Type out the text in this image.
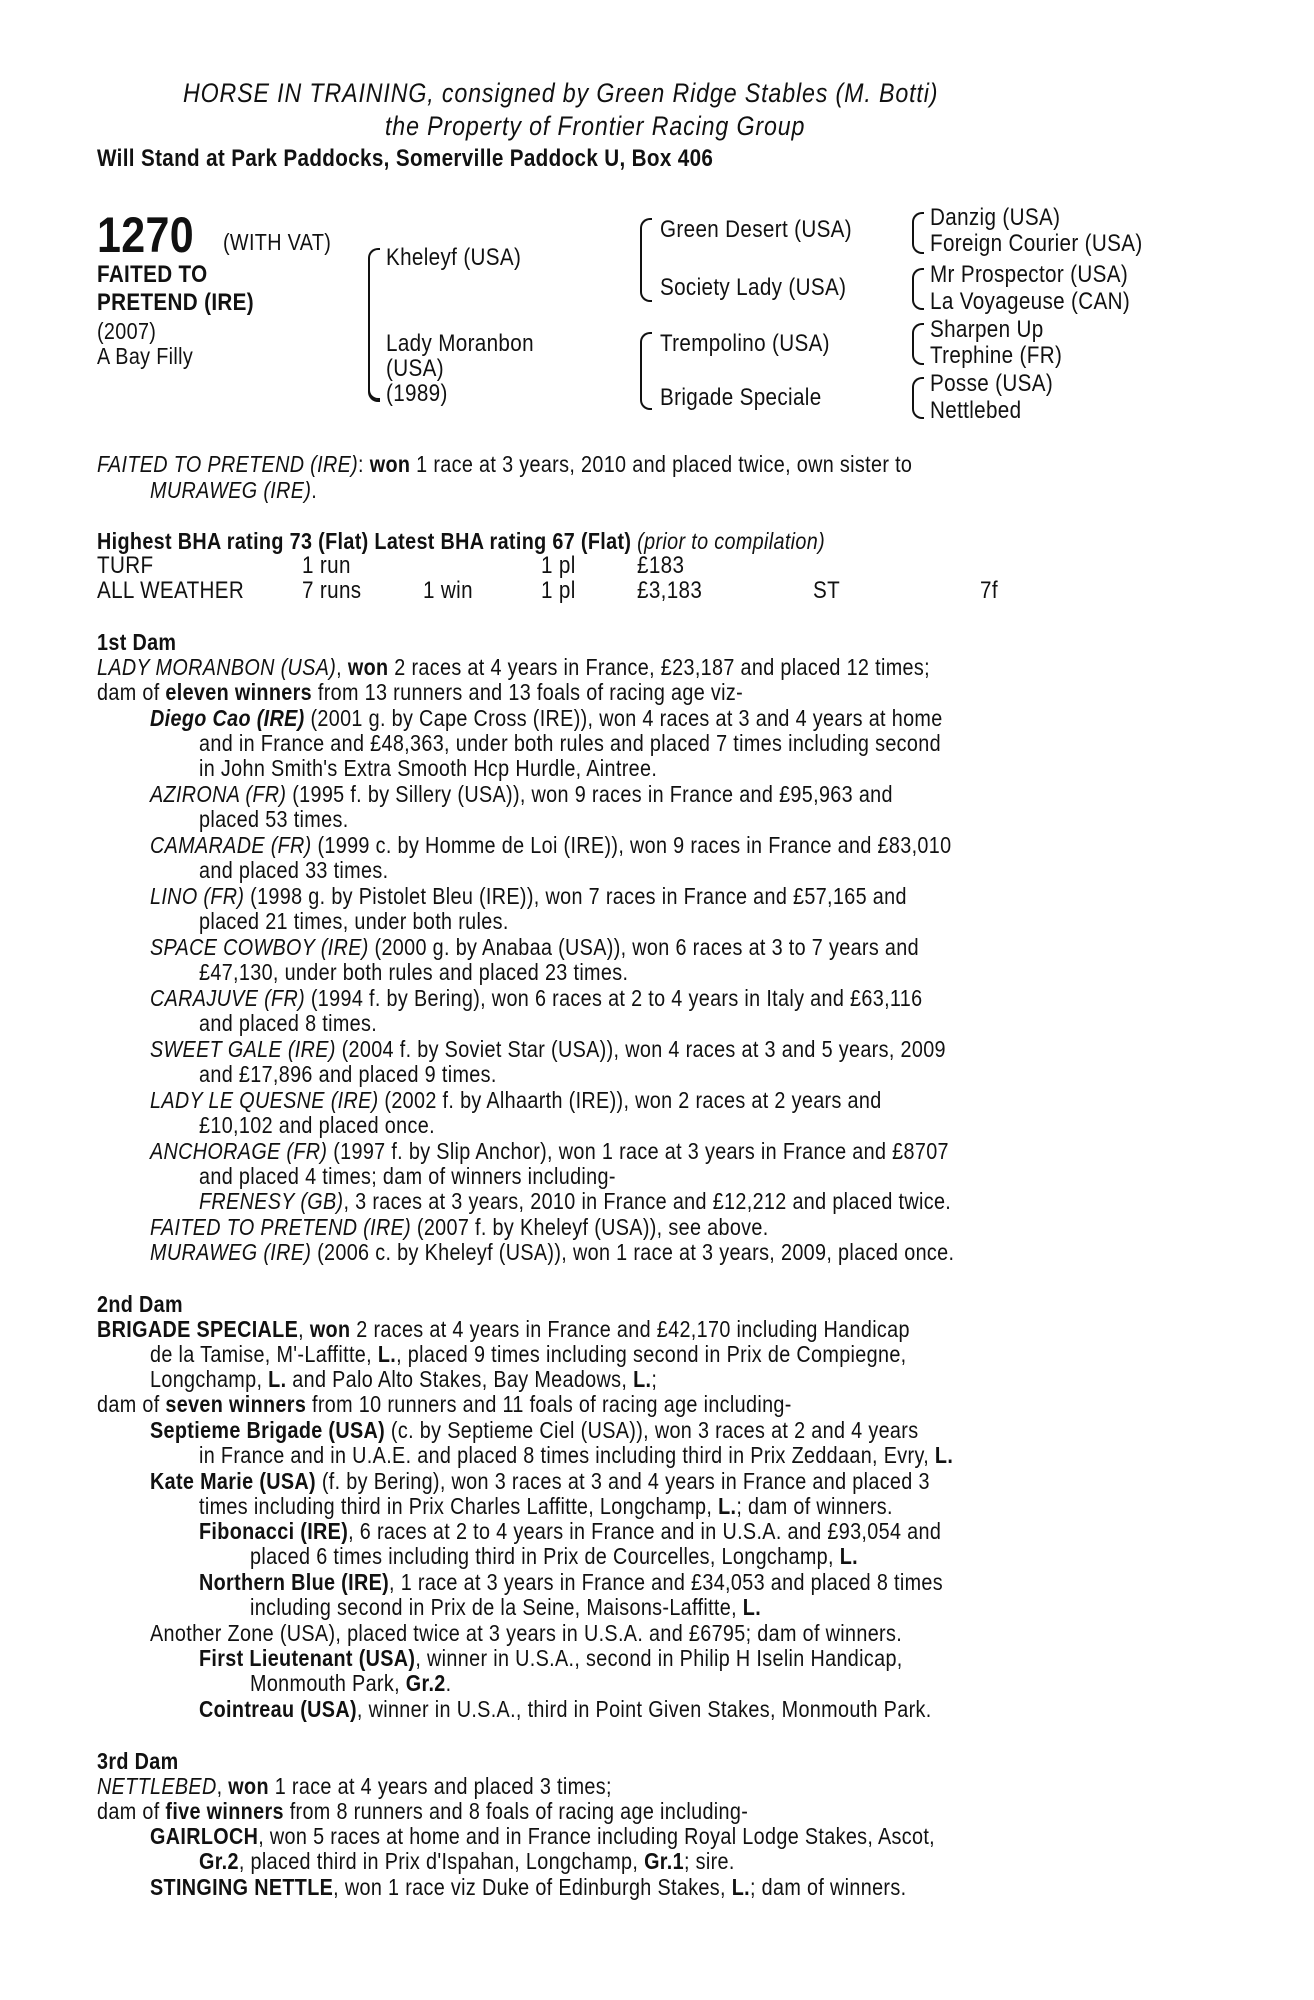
HORSE IN TRAINING, consigned by Green Ridge Stables (M. Botti)
the Property of Frontier Racing Group
Will Stand at Park Paddocks, Somerville Paddock U, Box 406
1270 (WITH VAT)
FAITED TO
PRETEND (IRE)
(2007)
A Bay Filly
Kheleyf (USA)
Lady Moranbon
(USA)
(1989)
Green Desert (USA)
Society Lady (USA)
Trempolino (USA)
Brigade Speciale
Danzig (USA)
Foreign Courier (USA)
Mr Prospector (USA)
La Voyageuse (CAN)
Sharpen Up
Trephine (FR)
Posse (USA)
Nettlebed
FAITED TO PRETEND (IRE): won 1 race at 3 years, 2010 and placed twice, own sister to
MURAWEG (IRE).
Highest BHA rating 73 (Flat) Latest BHA rating 67 (Flat) (prior to compilation)
TURF	1 run	1 pl	£183
ALL WEATHER 7 runs	1 win	1 pl	£3,183	ST	7f
1st Dam
LADY MORANBON (USA), won 2 races at 4 years in France, £23,187 and placed 12 times;
dam of eleven winners from 13 runners and 13 foals of racing age viz-
Diego Cao (IRE) (2001 g. by Cape Cross (IRE)), won 4 races at 3 and 4 years at home
and in France and £48,363, under both rules and placed 7 times including second
in John Smith's Extra Smooth Hcp Hurdle, Aintree.
AZIRONA (FR) (1995 f. by Sillery (USA)), won 9 races in France and £95,963 and
placed 53 times.
CAMARADE (FR) (1999 c. by Homme de Loi (IRE)), won 9 races in France and £83,010
and placed 33 times.
LINO (FR) (1998 g. by Pistolet Bleu (IRE)), won 7 races in France and £57,165 and
placed 21 times, under both rules.
SPACE COWBOY (IRE) (2000 g. by Anabaa (USA)), won 6 races at 3 to 7 years and
£47,130, under both rules and placed 23 times.
CARAJUVE (FR) (1994 f. by Bering), won 6 races at 2 to 4 years in Italy and £63,116
and placed 8 times.
SWEET GALE (IRE) (2004 f. by Soviet Star (USA)), won 4 races at 3 and 5 years, 2009
and £17,896 and placed 9 times.
LADY LE QUESNE (IRE) (2002 f. by Alhaarth (IRE)), won 2 races at 2 years and
£10,102 and placed once.
ANCHORAGE (FR) (1997 f. by Slip Anchor), won 1 race at 3 years in France and £8707
and placed 4 times; dam of winners including-
FRENESY (GB), 3 races at 3 years, 2010 in France and £12,212 and placed twice.
FAITED TO PRETEND (IRE) (2007 f. by Kheleyf (USA)), see above.
MURAWEG (IRE) (2006 c. by Kheleyf (USA)), won 1 race at 3 years, 2009, placed once.
2nd Dam
BRIGADE SPECIALE, won 2 races at 4 years in France and £42,170 including Handicap
de la Tamise, M'-Laffitte, L., placed 9 times including second in Prix de Compiegne,
Longchamp, L. and Palo Alto Stakes, Bay Meadows, L.;
dam of seven winners from 10 runners and 11 foals of racing age including-
Septieme Brigade (USA) (c. by Septieme Ciel (USA)), won 3 races at 2 and 4 years
in France and in U.A.E. and placed 8 times including third in Prix Zeddaan, Evry, L.
Kate Marie (USA) (f. by Bering), won 3 races at 3 and 4 years in France and placed 3
times including third in Prix Charles Laffitte, Longchamp, L.; dam of winners.
Fibonacci (IRE), 6 races at 2 to 4 years in France and in U.S.A. and £93,054 and
placed 6 times including third in Prix de Courcelles, Longchamp, L.
Northern Blue (IRE), 1 race at 3 years in France and £34,053 and placed 8 times
including second in Prix de la Seine, Maisons-Laffitte, L.
Another Zone (USA), placed twice at 3 years in U.S.A. and £6795; dam of winners.
First Lieutenant (USA), winner in U.S.A., second in Philip H Iselin Handicap,
Monmouth Park, Gr.2.
Cointreau (USA), winner in U.S.A., third in Point Given Stakes, Monmouth Park.
3rd Dam
NETTLEBED, won 1 race at 4 years and placed 3 times;
dam of five winners from 8 runners and 8 foals of racing age including-
GAIRLOCH, won 5 races at home and in France including Royal Lodge Stakes, Ascot,
Gr.2, placed third in Prix d'Ispahan, Longchamp, Gr.1; sire.
STINGING NETTLE, won 1 race viz Duke of Edinburgh Stakes, L.; dam of winners.
